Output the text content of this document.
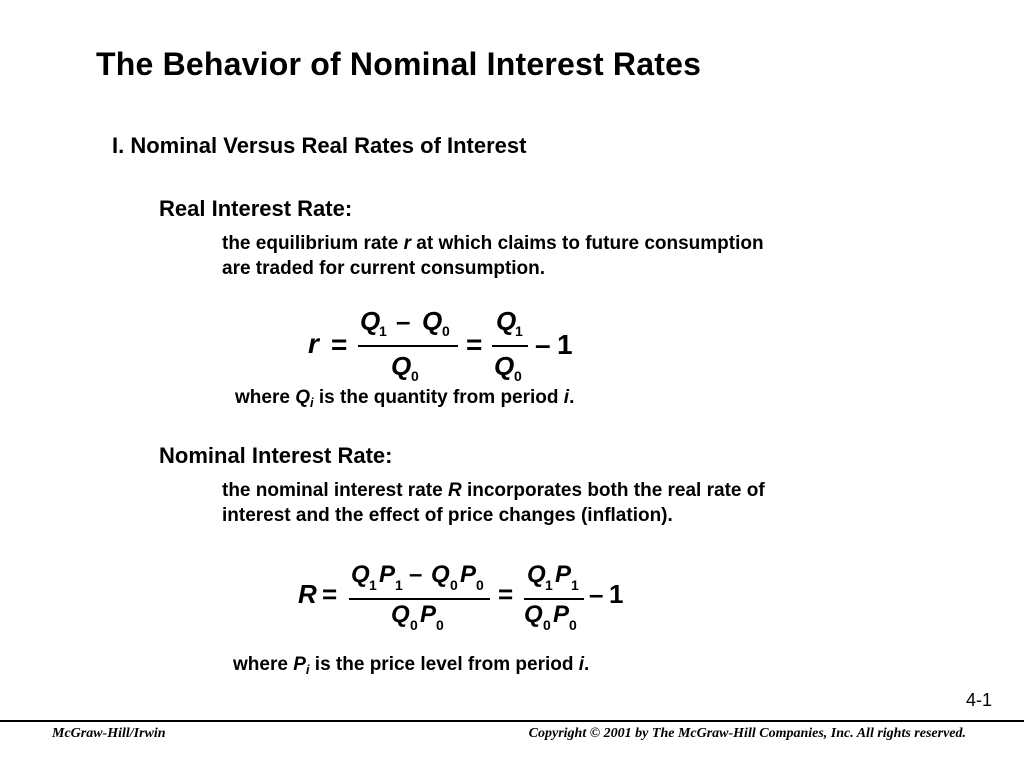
The Behavior of Nominal Interest Rates
I. Nominal Versus Real Rates of Interest
Real Interest Rate:
the equilibrium rate r at which claims to future consumption
are traded for current consumption.
r =
Q
1 – Q 0
Q 0
=
Q
1
Q 0
– 1
where $Q_i$ is the quantity from period i.
Nominal Interest Rate:
the nominal interest rate R incorporates both the real rate of
interest and the effect of price changes (inflation).
R =
Q 1 P 1 – Q 0 P 0
Q 0 P 0
=
Q 1 P 1
Q 0 P 0
– 1
where $P_i$ is the price level from period i.
4-1
McGraw-Hill/Irwin	Copyright © 2001 by The McGraw-Hill Companies, Inc. All rights reserved.
